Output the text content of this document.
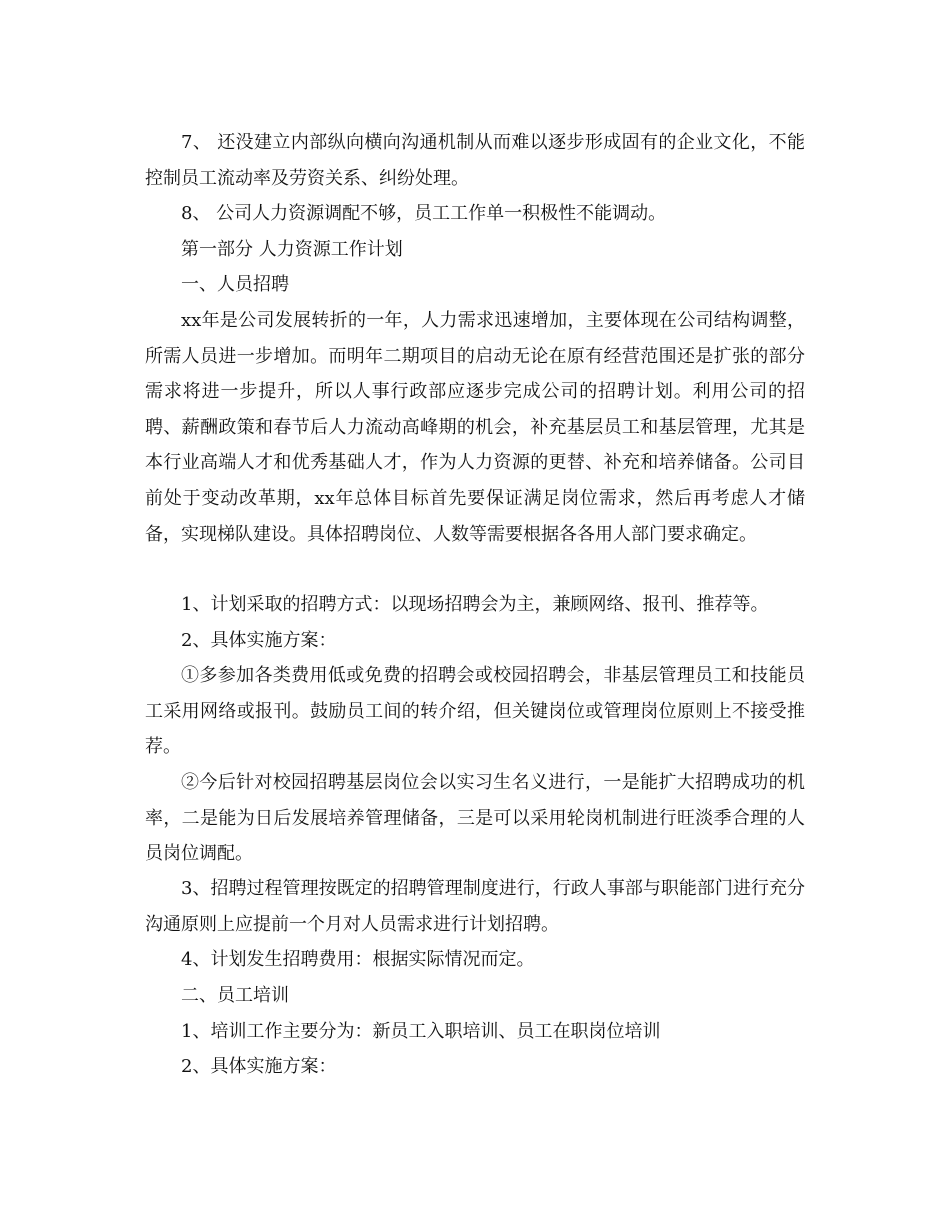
7、 还没建立内部纵向横向沟通机制从而难以逐步形成固有的企业文化，不能控制员工流动率及劳资关系、纠纷处理。

8、 公司人力资源调配不够，员工工作单一积极性不能调动。

第一部分 人力资源工作计划

一、人员招聘

xx年是公司发展转折的一年，人力需求迅速增加，主要体现在公司结构调整，所需人员进一步增加。而明年二期项目的启动无论在原有经营范围还是扩张的部分需求将进一步提升，所以人事行政部应逐步完成公司的招聘计划。利用公司的招聘、薪酬政策和春节后人力流动高峰期的机会，补充基层员工和基层管理，尤其是本行业高端人才和优秀基础人才，作为人力资源的更替、补充和培养储备。公司目前处于变动改革期，xx年总体目标首先要保证满足岗位需求，然后再考虑人才储备，实现梯队建设。具体招聘岗位、人数等需要根据各各用人部门要求确定。

1、计划采取的招聘方式：以现场招聘会为主，兼顾网络、报刊、推荐等。

2、具体实施方案：

①多参加各类费用低或免费的招聘会或校园招聘会，非基层管理员工和技能员工采用网络或报刊。鼓励员工间的转介绍，但关键岗位或管理岗位原则上不接受推荐。

②今后针对校园招聘基层岗位会以实习生名义进行，一是能扩大招聘成功的机率，二是能为日后发展培养管理储备，三是可以采用轮岗机制进行旺淡季合理的人员岗位调配。

3、招聘过程管理按既定的招聘管理制度进行，行政人事部与职能部门进行充分沟通原则上应提前一个月对人员需求进行计划招聘。

4、计划发生招聘费用：根据实际情况而定。

二、员工培训

1、培训工作主要分为：新员工入职培训、员工在职岗位培训

2、具体实施方案：
